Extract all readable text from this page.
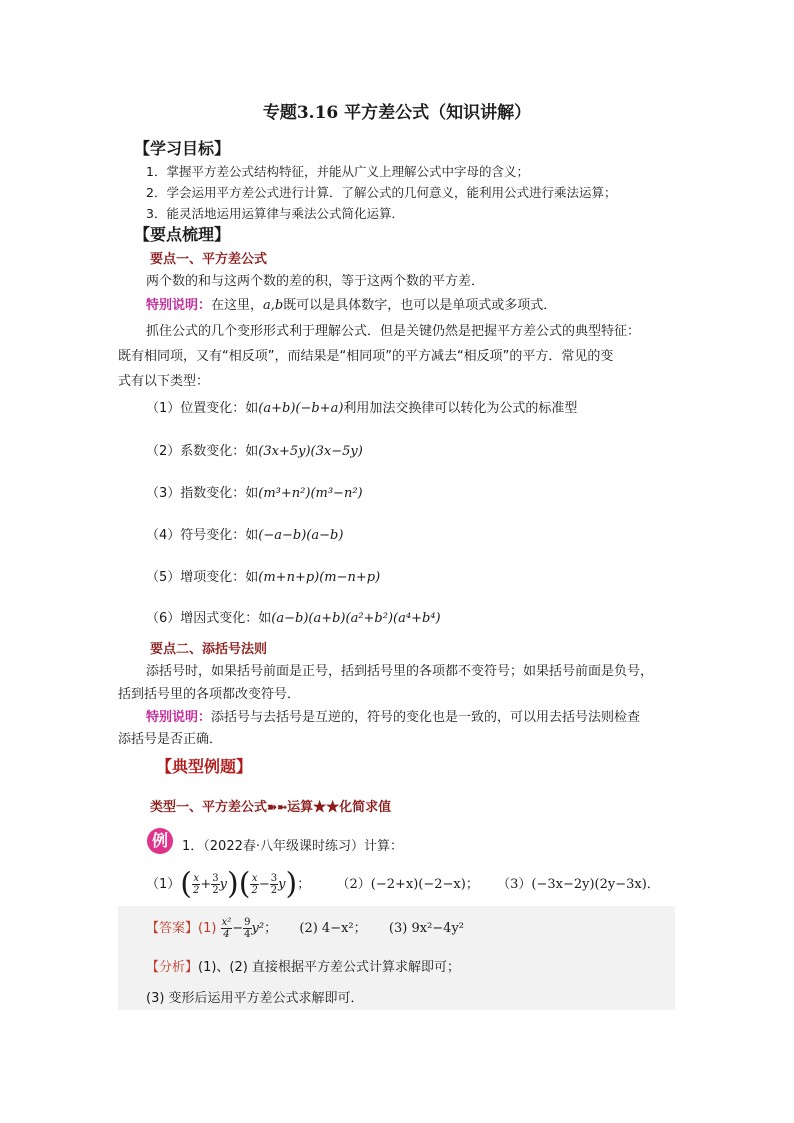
专题3.16 平方差公式（知识讲解）
【学习目标】
1．掌握平方差公式结构特征，并能从广义上理解公式中字母的含义；
2．学会运用平方差公式进行计算．了解公式的几何意义，能利用公式进行乘法运算；
3．能灵活地运用运算律与乘法公式简化运算．
【要点梳理】
要点一、平方差公式
两个数的和与这两个数的差的积，等于这两个数的平方差．
特别说明：在这里，a,b既可以是具体数字，也可以是单项式或多项式．
抓住公式的几个变形形式利于理解公式．但是关键仍然是把握平方差公式的典型特征：
既有相同项，又有“相反项”，而结果是“相同项”的平方减去“相反项”的平方．常见的变
式有以下类型：
（1）位置变化：如(a+b)(−b+a)利用加法交换律可以转化为公式的标准型
（2）系数变化：如(3x+5y)(3x−5y)
（3）指数变化：如(m³+n²)(m³−n²)
（4）符号变化：如(−a−b)(a−b)
（5）增项变化：如(m+n+p)(m−n+p)
（6）增因式变化：如(a−b)(a+b)(a²+b²)(a⁴+b⁴)
要点二、添括号法则
添括号时，如果括号前面是正号，括到括号里的各项都不变符号；如果括号前面是负号，
括到括号里的各项都改变符号．
特别说明：添括号与去括号是互逆的，符号的变化也是一致的，可以用去括号法则检查
添括号是否正确．
【典型例题】
类型一、平方差公式➽➼运算★★化简求值
例	1．（2022春·八年级课时练习）计算：
$(1)( \frac{x}{2} + \frac{3}{2} y)( \frac{x}{2} - \frac{3}{2} y)$； （2）(−2+x)(−2−x)； （3）(−3x−2y)(2y−3x)．
【答案】$(1) \frac{\text{x²}}{4} - \frac{9}{4} y^2$； (2) 4−x²； (3) 9x²−4y²
【分析】(1)、(2) 直接根据平方差公式计算求解即可；
(3) 变形后运用平方差公式求解即可．
